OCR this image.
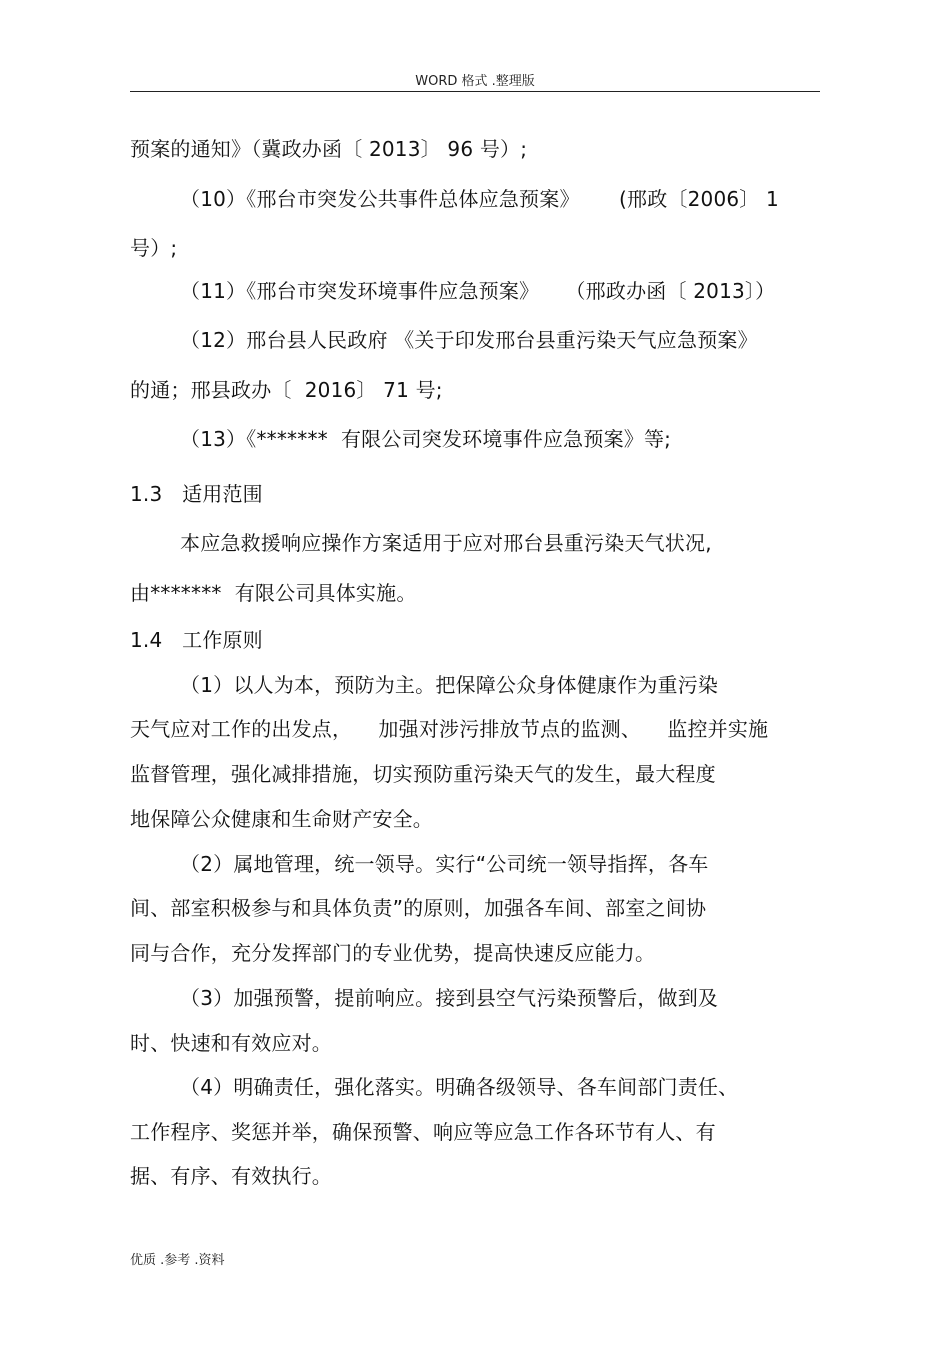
WORD 格式 .整理版
预案的通知》（冀政办函〔 2013〕 96 号）;
（10）《邢台市突发公共事件总体应急预案》      (邢政〔2006〕 1
号）;
（11）《邢台市突发环境事件应急预案》    （邢政办函〔 2013〕）
（12）邢台县人民政府 《关于印发邢台县重污染天气应急预案》
的通；邢县政办〔  2016〕 71 号;
（13）《*******  有限公司突发环境事件应急预案》等;
1.3   适用范围
本应急救援响应操作方案适用于应对邢台县重污染天气状况,
由*******  有限公司具体实施。
1.4   工作原则
（1）以人为本，预防为主。把保障公众身体健康作为重污染
天气应对工作的出发点，    加强对涉污排放节点的监测、    监控并实施
监督管理，强化减排措施，切实预防重污染天气的发生，最大程度
地保障公众健康和生命财产安全。
（2）属地管理，统一领导。实行“公司统一领导指挥，各车
间、部室积极参与和具体负责”的原则，加强各车间、部室之间协
同与合作，充分发挥部门的专业优势，提高快速反应能力。
（3）加强预警，提前响应。接到县空气污染预警后，做到及
时、快速和有效应对。
（4）明确责任，强化落实。明确各级领导、各车间部门责任、
工作程序、奖惩并举，确保预警、响应等应急工作各环节有人、有
据、有序、有效执行。
优质 .参考 .资料
